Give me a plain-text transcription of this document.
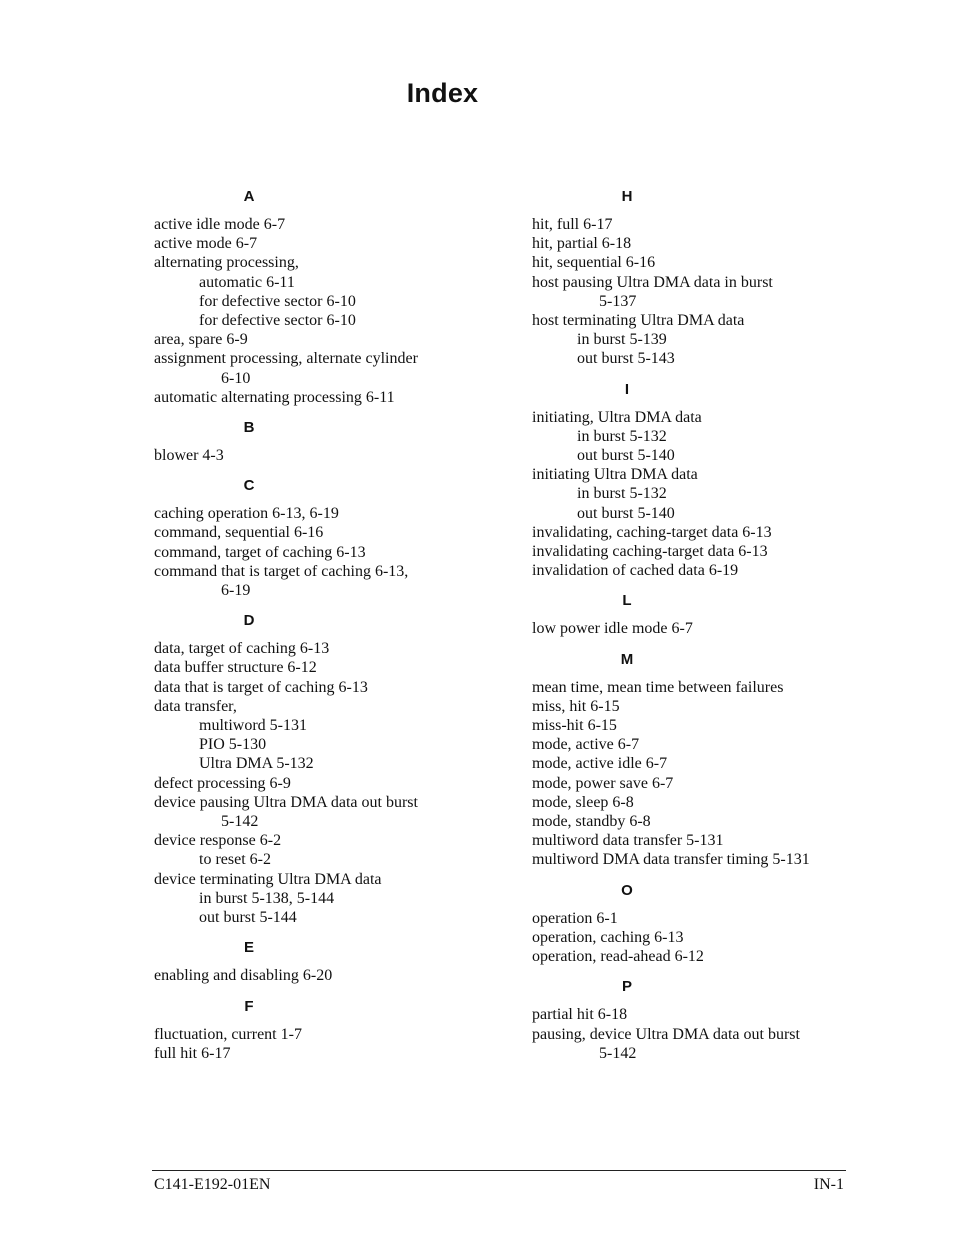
Index
A
active idle mode 6-7
active mode 6-7
alternating processing,
automatic 6-11
for defective sector 6-10
for defective sector 6-10
area, spare 6-9
assignment processing, alternate cylinder
6-10
automatic alternating processing 6-11
B
blower 4-3
C
caching operation 6-13, 6-19
command, sequential 6-16
command, target of caching 6-13
command that is target of caching 6-13,
6-19
D
data, target of caching 6-13
data buffer structure 6-12
data that is target of caching 6-13
data transfer,
multiword 5-131
PIO 5-130
Ultra DMA 5-132
defect processing 6-9
device pausing Ultra DMA data out burst
5-142
device response 6-2
to reset 6-2
device terminating Ultra DMA data
in burst 5-138, 5-144
out burst 5-144
E
enabling and disabling 6-20
F
fluctuation, current 1-7
full hit 6-17
H
hit, full 6-17
hit, partial 6-18
hit, sequential 6-16
host pausing Ultra DMA data in burst
5-137
host terminating Ultra DMA data
in burst 5-139
out burst 5-143
I
initiating, Ultra DMA data
in burst 5-132
out burst 5-140
initiating Ultra DMA data
in burst 5-132
out burst 5-140
invalidating, caching-target data 6-13
invalidating caching-target data 6-13
invalidation of cached data 6-19
L
low power idle mode 6-7
M
mean time, mean time between failures
miss, hit 6-15
miss-hit 6-15
mode, active 6-7
mode, active idle 6-7
mode, power save 6-7
mode, sleep 6-8
mode, standby 6-8
multiword data transfer 5-131
multiword DMA data transfer timing 5-131
O
operation 6-1
operation, caching 6-13
operation, read-ahead 6-12
P
partial hit 6-18
pausing, device Ultra DMA data out burst
5-142
C141-E192-01EN	IN-1
